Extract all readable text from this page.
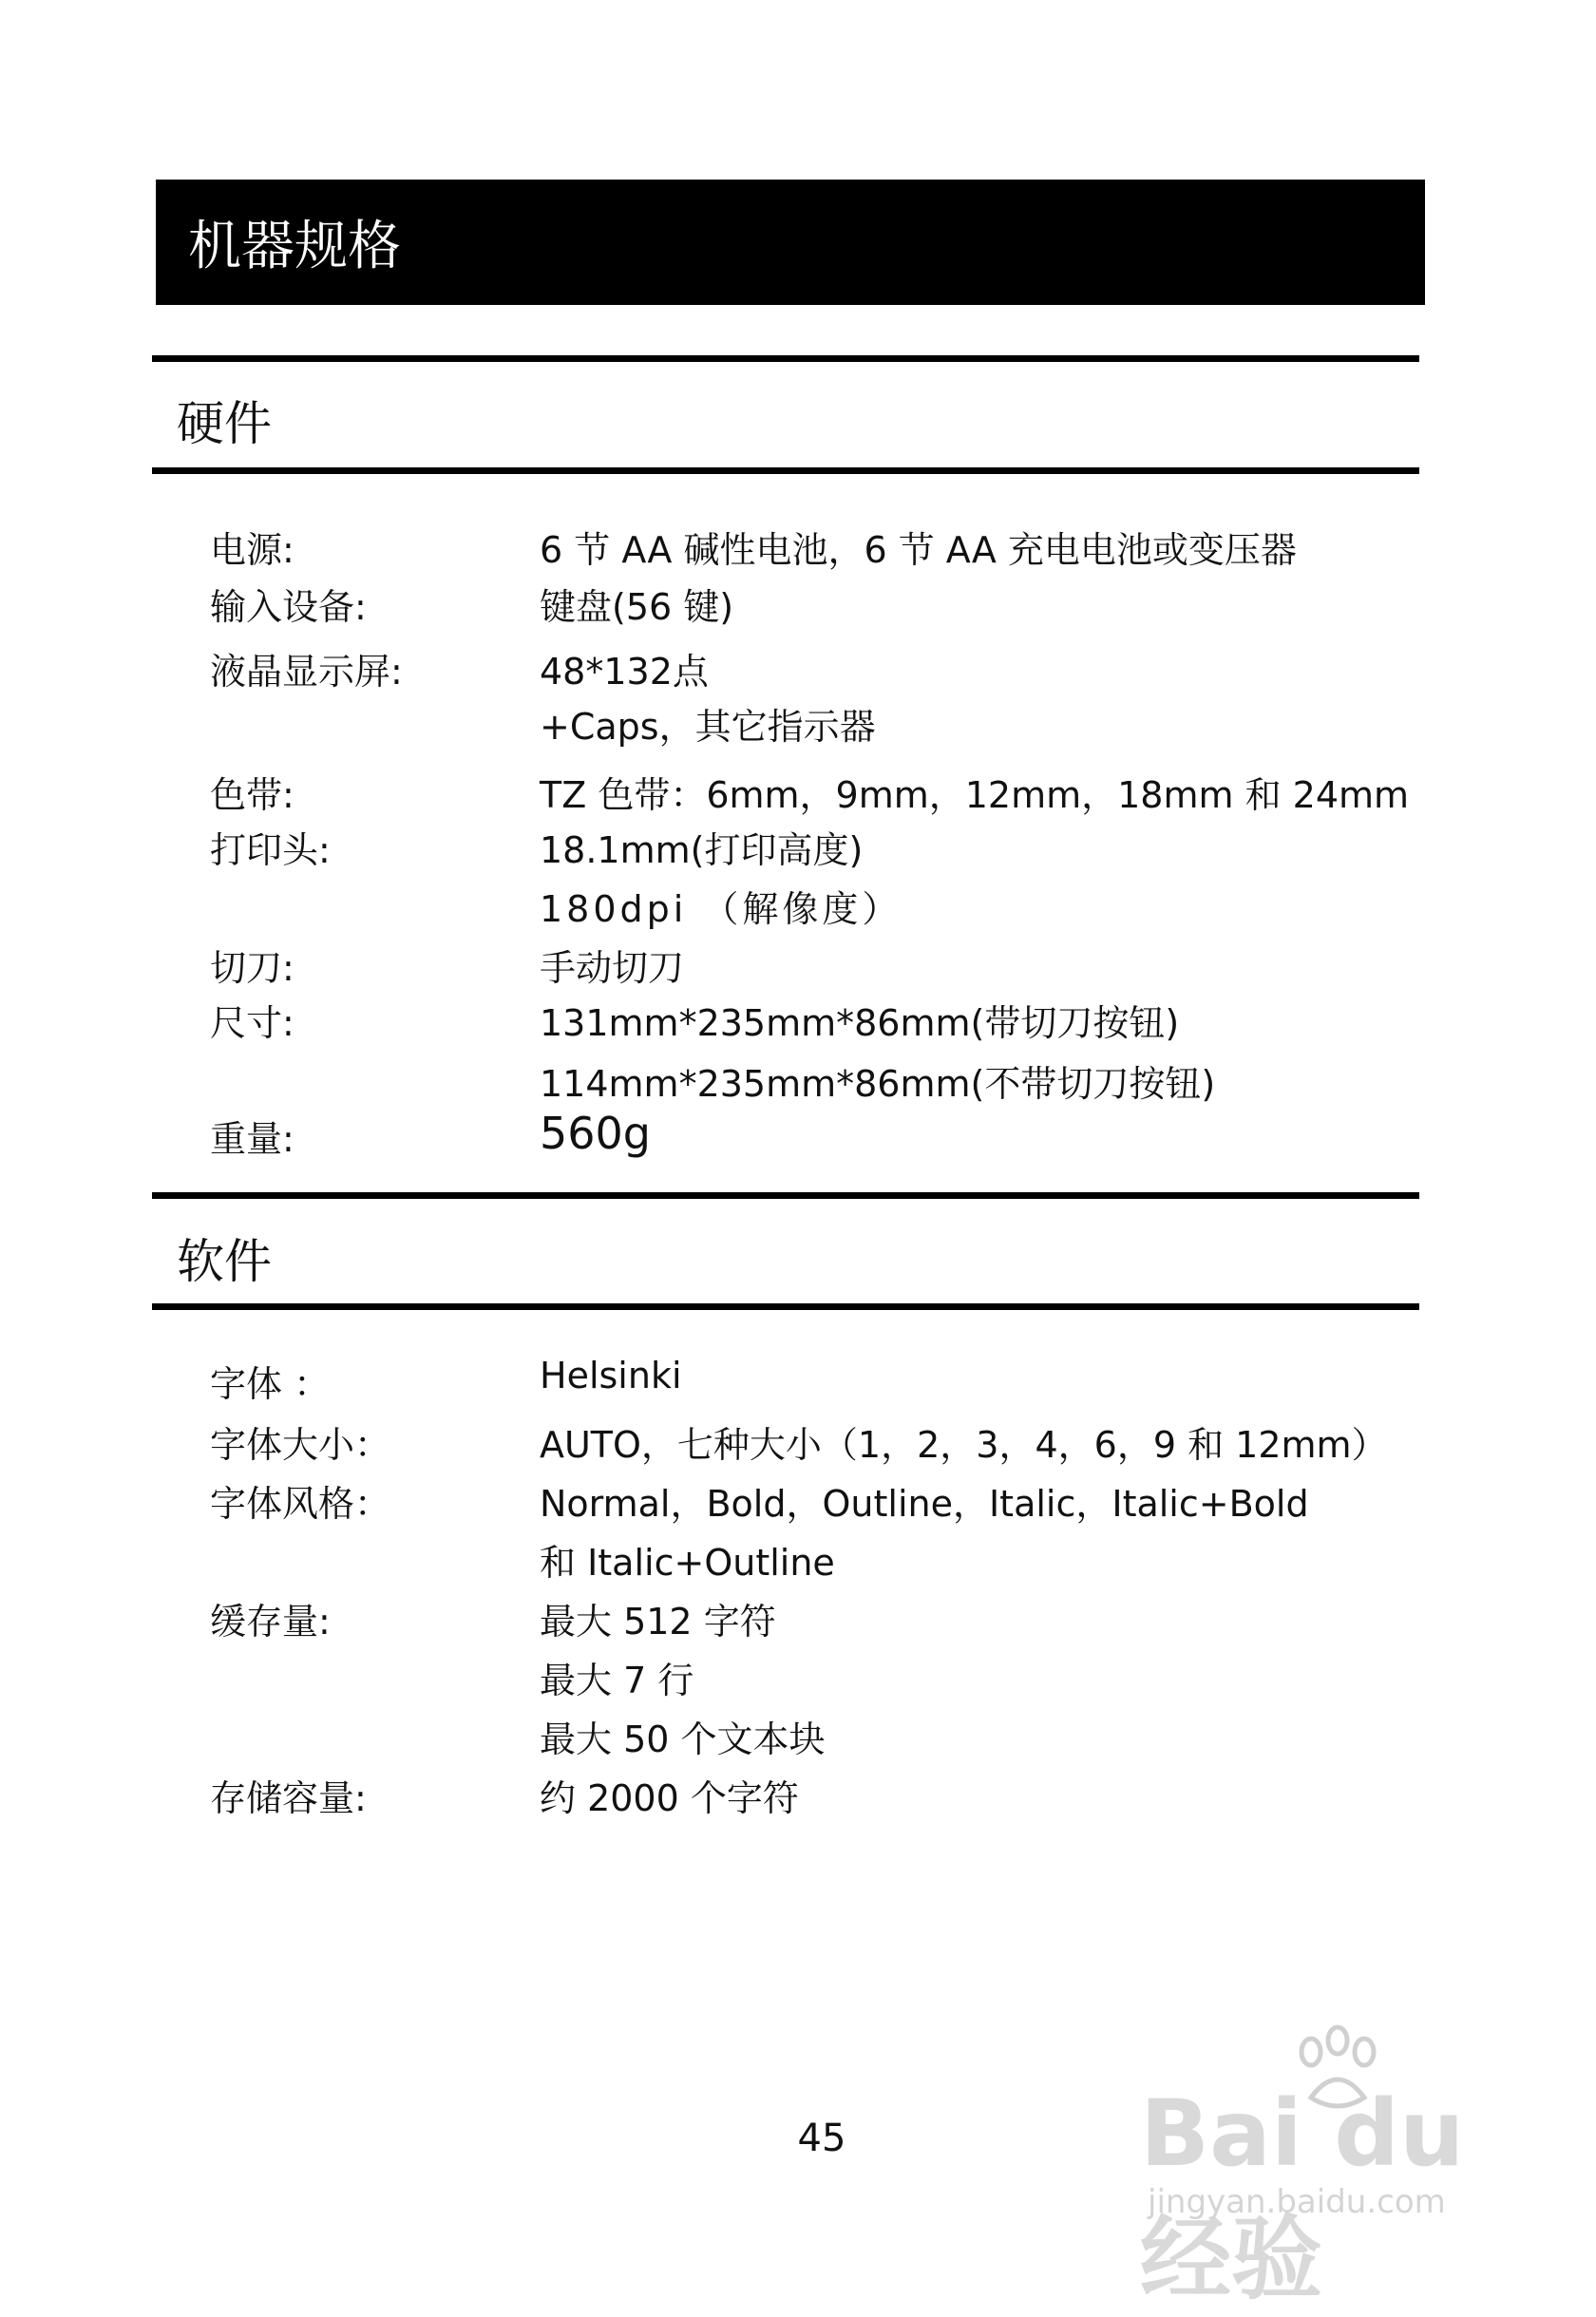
机器规格
硬件
电源:	6 节 AA 碱性电池，6 节 AA 充电电池或变压器
输入设备:	键盘(56 键)
液晶显示屏:	48*132点
+Caps，其它指示器
色带:	TZ 色带：6mm，9mm，12mm，18mm 和 24mm
打印头:	18.1mm(打印高度)
180dpi （解像度）
切刀:	手动切刀
尺寸:	131mm*235mm*86mm(带切刀按钮)
114mm*235mm*86mm(不带切刀按钮)
重量:	560g
软件
字体 ：	Helsinki
字体大小：	AUTO，七种大小（1，2，3，4，6，9 和 12mm）
字体风格：	Normal，Bold，Outline，Italic，Italic+Bold
和 Italic+Outline
缓存量:	最大 512 字符
最大 7 行
最大 50 个文本块
存储容量:	约 2000 个字符
45	Bai du 经验
jingyan.baidu.com
